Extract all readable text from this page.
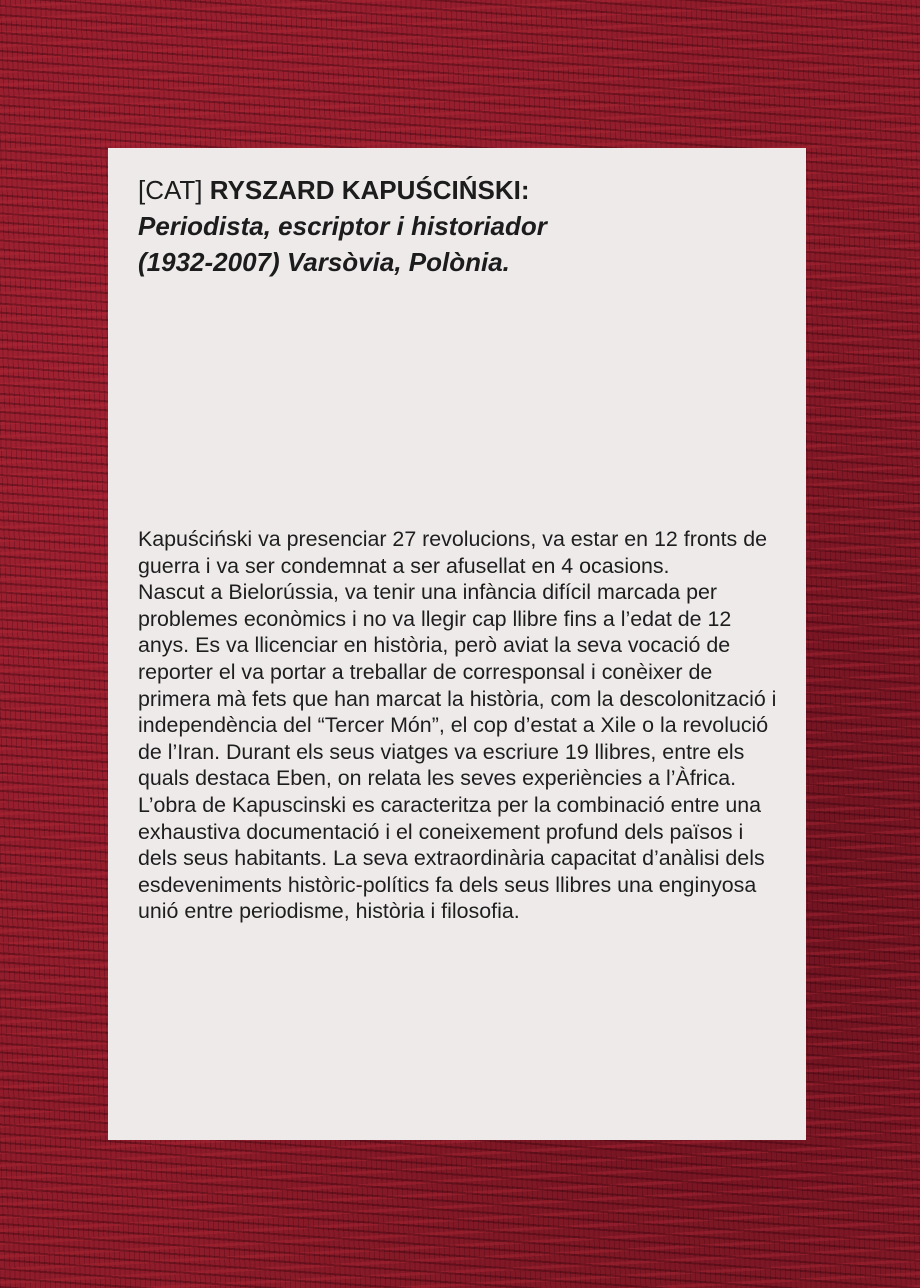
[CAT] RYSZARD KAPUŚCIŃSKI:
Periodista, escriptor i historiador
(1932-2007) Varsòvia, Polònia.

Kapuściński va presenciar 27 revolucions, va estar en 12 fronts de guerra i va ser condemnat a ser afusellat en 4 ocasions.

Nascut a Bielorússia, va tenir una infància difícil marcada per problemes econòmics i no va llegir cap llibre fins a l’edat de 12 anys. Es va llicenciar en història, però aviat la seva vocació de reporter el va portar a treballar de corresponsal i conèixer de primera mà fets que han marcat la història, com la descolonització i independència del “Tercer Món”, el cop d’estat a Xile o la revolució de l’Iran. Durant els seus viatges va escriure 19 llibres, entre els quals destaca Eben, on relata les seves experiències a l’Àfrica.

L’obra de Kapuscinski es caracteritza per la combinació entre una exhaustiva documentació i el coneixement profund dels països i dels seus habitants. La seva extraordinària capacitat d’anàlisi dels esdeveniments històric-polítics fa dels seus llibres una enginyosa unió entre periodisme, història i filosofia.
